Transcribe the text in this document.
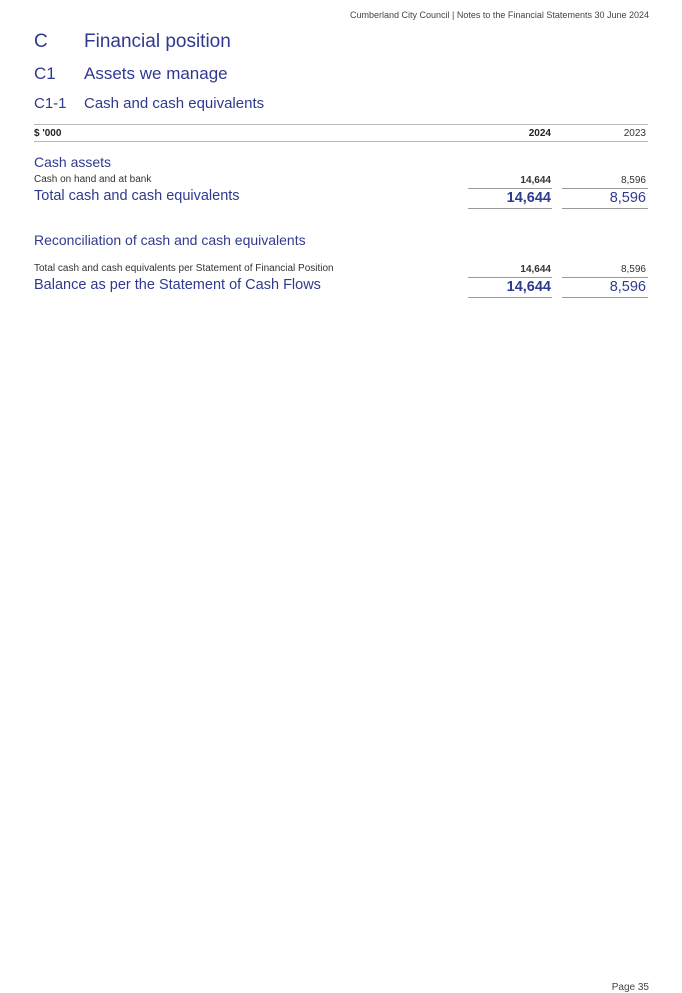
Cumberland City Council | Notes to the Financial Statements 30 June 2024
C Financial position
C1 Assets we manage
C1-1 Cash and cash equivalents
$ '000	2024	2023
Cash assets
Cash on hand and at bank	14,644	8,596
Total cash and cash equivalents	14,644	8,596
Reconciliation of cash and cash equivalents
Total cash and cash equivalents per Statement of Financial Position	14,644	8,596
Balance as per the Statement of Cash Flows	14,644	8,596
Page 35
